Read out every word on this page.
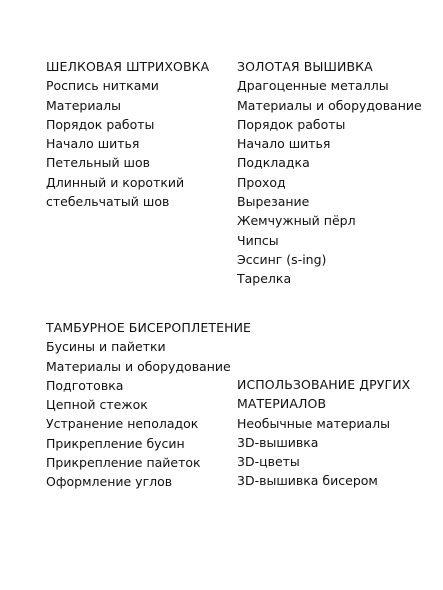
ШЕЛКОВАЯ ШТРИХОВКА
Роспись нитками
Материалы
Порядок работы
Начало шитья
Петельный шов
Длинный и короткий
стебельчатый шов
ЗОЛОТАЯ ВЫШИВКА
Драгоценные металлы
Материалы и оборудование
Порядок работы
Начало шитья
Подкладка
Проход
Вырезание
Жемчужный пёрл
Чипсы
Эссинг (s-ing)
Тарелка
ТАМБУРНОЕ БИСЕРОПЛЕТЕНИЕ
Бусины и пайетки
Материалы и оборудование
Подготовка
Цепной стежок
Устранение неполадок
Прикрепление бусин
Прикрепление пайеток
Оформление углов
ИСПОЛЬЗОВАНИЕ ДРУГИХ
МАТЕРИАЛОВ
Необычные материалы
3D-вышивка
3D-цветы
3D-вышивка бисером
